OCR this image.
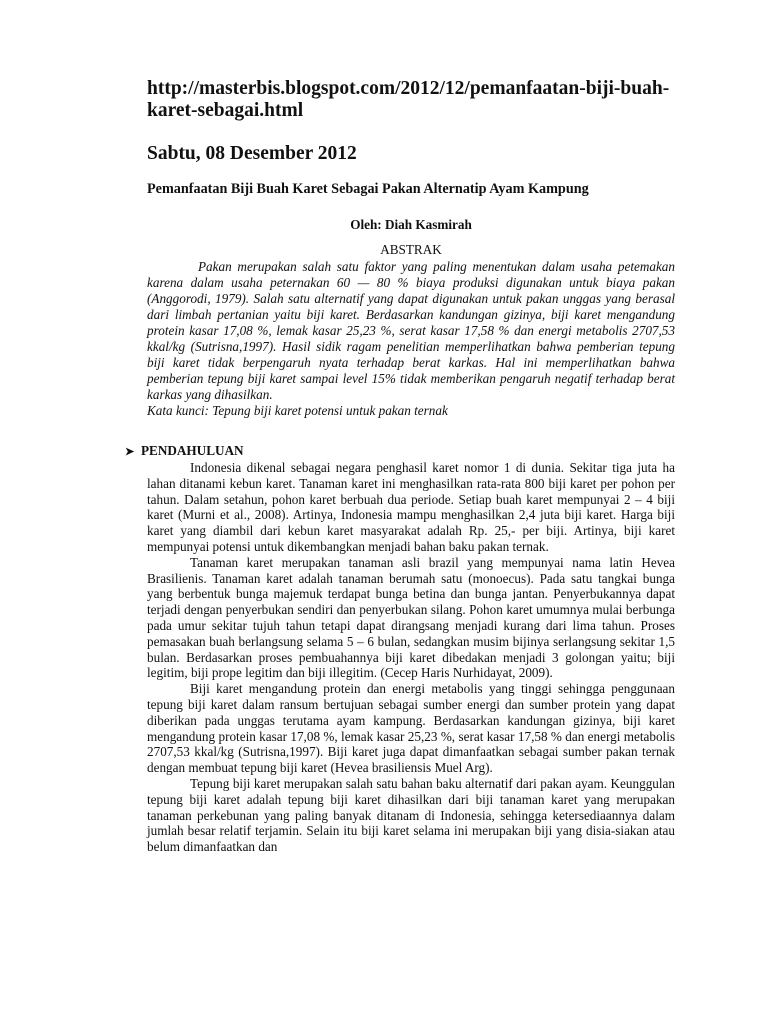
http://masterbis.blogspot.com/2012/12/pemanfaatan-biji-buah-karet-sebagai.html

Sabtu, 08 Desember 2012

Pemanfaatan Biji Buah Karet Sebagai Pakan Alternatip Ayam Kampung

Oleh: Diah Kasmirah

ABSTRAK

Pakan merupakan salah satu faktor yang paling menentukan dalam usaha petemakan karena dalam usaha peternakan 60 — 80 % biaya produksi digunakan untuk biaya pakan (Anggorodi, 1979). Salah satu alternatif yang dapat digunakan untuk pakan unggas yang berasal dari limbah pertanian yaitu biji karet. Berdasarkan kandungan gizinya, biji karet mengandung protein kasar 17,08 %, lemak kasar 25,23 %, serat kasar 17,58 % dan energi metabolis 2707,53 kkal/kg (Sutrisna,1997). Hasil sidik ragam penelitian memperlihatkan bahwa pemberian tepung biji karet tidak berpengaruh nyata terhadap berat karkas. Hal ini memperlihatkan bahwa pemberian tepung biji karet sampai level 15% tidak memberikan pengaruh negatif terhadap berat karkas yang dihasilkan.

Kata kunci: Tepung biji karet potensi untuk pakan ternak

➤ PENDAHULUAN

Indonesia dikenal sebagai negara penghasil karet nomor 1 di dunia. Sekitar tiga juta ha lahan ditanami kebun karet. Tanaman karet ini menghasilkan rata-rata 800 biji karet per pohon per tahun. Dalam setahun, pohon karet berbuah dua periode. Setiap buah karet mempunyai 2 – 4 biji karet (Murni et al., 2008). Artinya, Indonesia mampu menghasilkan 2,4 juta biji karet. Harga biji karet yang diambil dari kebun karet masyarakat adalah Rp. 25,- per biji. Artinya, biji karet mempunyai potensi untuk dikembangkan menjadi bahan baku pakan ternak.

Tanaman karet merupakan tanaman asli brazil yang mempunyai nama latin Hevea Brasilienis. Tanaman karet adalah tanaman berumah satu (monoecus). Pada satu tangkai bunga yang berbentuk bunga majemuk terdapat bunga betina dan bunga jantan. Penyerbukannya dapat terjadi dengan penyerbukan sendiri dan penyerbukan silang. Pohon karet umumnya mulai berbunga pada umur sekitar tujuh tahun tetapi dapat dirangsang menjadi kurang dari lima tahun. Proses pemasakan buah berlangsung selama 5 – 6 bulan, sedangkan musim bijinya serlangsung sekitar 1,5 bulan. Berdasarkan proses pembuahannya biji karet dibedakan menjadi 3 golongan yaitu; biji legitim, biji prope legitim dan biji illegitim. (Cecep Haris Nurhidayat, 2009).

Biji karet mengandung protein dan energi metabolis yang tinggi sehingga penggunaan tepung biji karet dalam ransum bertujuan sebagai sumber energi dan sumber protein yang dapat diberikan pada unggas terutama ayam kampung. Berdasarkan kandungan gizinya, biji karet mengandung protein kasar 17,08 %, lemak kasar 25,23 %, serat kasar 17,58 % dan energi metabolis 2707,53 kkal/kg (Sutrisna,1997). Biji karet juga dapat dimanfaatkan sebagai sumber pakan ternak dengan membuat tepung biji karet (Hevea brasiliensis Muel Arg).

Tepung biji karet merupakan salah satu bahan baku alternatif dari pakan ayam. Keunggulan tepung biji karet adalah tepung biji karet dihasilkan dari biji tanaman karet yang merupakan tanaman perkebunan yang paling banyak ditanam di Indonesia, sehingga ketersediaannya dalam jumlah besar relatif terjamin. Selain itu biji karet selama ini merupakan biji yang disia-siakan atau belum dimanfaatkan dan
